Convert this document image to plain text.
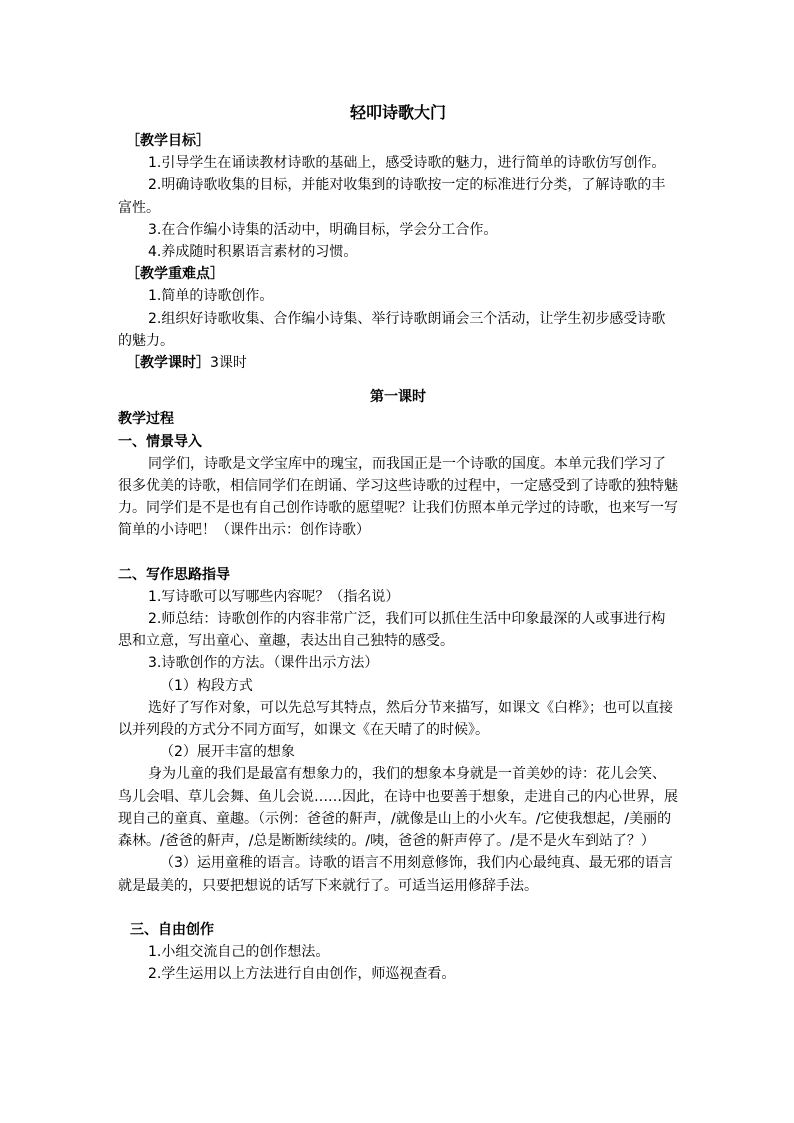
轻叩诗歌大门

［教学目标］

1.引导学生在诵读教材诗歌的基础上，感受诗歌的魅力，进行简单的诗歌仿写创作。

2.明确诗歌收集的目标，并能对收集到的诗歌按一定的标准进行分类，了解诗歌的丰富性。

3.在合作编小诗集的活动中，明确目标，学会分工合作。

4.养成随时积累语言素材的习惯。

［教学重难点］

1.简单的诗歌创作。

2.组织好诗歌收集、合作编小诗集、举行诗歌朗诵会三个活动，让学生初步感受诗歌的魅力。

［教学课时］3课时

第一课时

教学过程

一、情景导入

同学们，诗歌是文学宝库中的瑰宝，而我国正是一个诗歌的国度。本单元我们学习了很多优美的诗歌，相信同学们在朗诵、学习这些诗歌的过程中，一定感受到了诗歌的独特魅力。同学们是不是也有自己创作诗歌的愿望呢？让我们仿照本单元学过的诗歌，也来写一写简单的小诗吧！（课件出示：创作诗歌）

二、写作思路指导

1.写诗歌可以写哪些内容呢？（指名说）

2.师总结：诗歌创作的内容非常广泛，我们可以抓住生活中印象最深的人或事进行构思和立意，写出童心、童趣，表达出自己独特的感受。

3.诗歌创作的方法。（课件出示方法）

（1）构段方式

选好了写作对象，可以先总写其特点，然后分节来描写，如课文《白桦》；也可以直接以并列段的方式分不同方面写，如课文《在天晴了的时候》。

（2）展开丰富的想象

身为儿童的我们是最富有想象力的，我们的想象本身就是一首美妙的诗：花儿会笑、鸟儿会唱、草儿会舞、鱼儿会说……因此，在诗中也要善于想象，走进自己的内心世界，展现自己的童真、童趣。（示例：爸爸的鼾声，/就像是山上的小火车。/它使我想起，/美丽的森林。/爸爸的鼾声，/总是断断续续的。/咦，爸爸的鼾声停了。/是不是火车到站了？）

（3）运用童稚的语言。诗歌的语言不用刻意修饰，我们内心最纯真、最无邪的语言就是最美的，只要把想说的话写下来就行了。可适当运用修辞手法。

三、自由创作

1.小组交流自己的创作想法。

2.学生运用以上方法进行自由创作，师巡视查看。
